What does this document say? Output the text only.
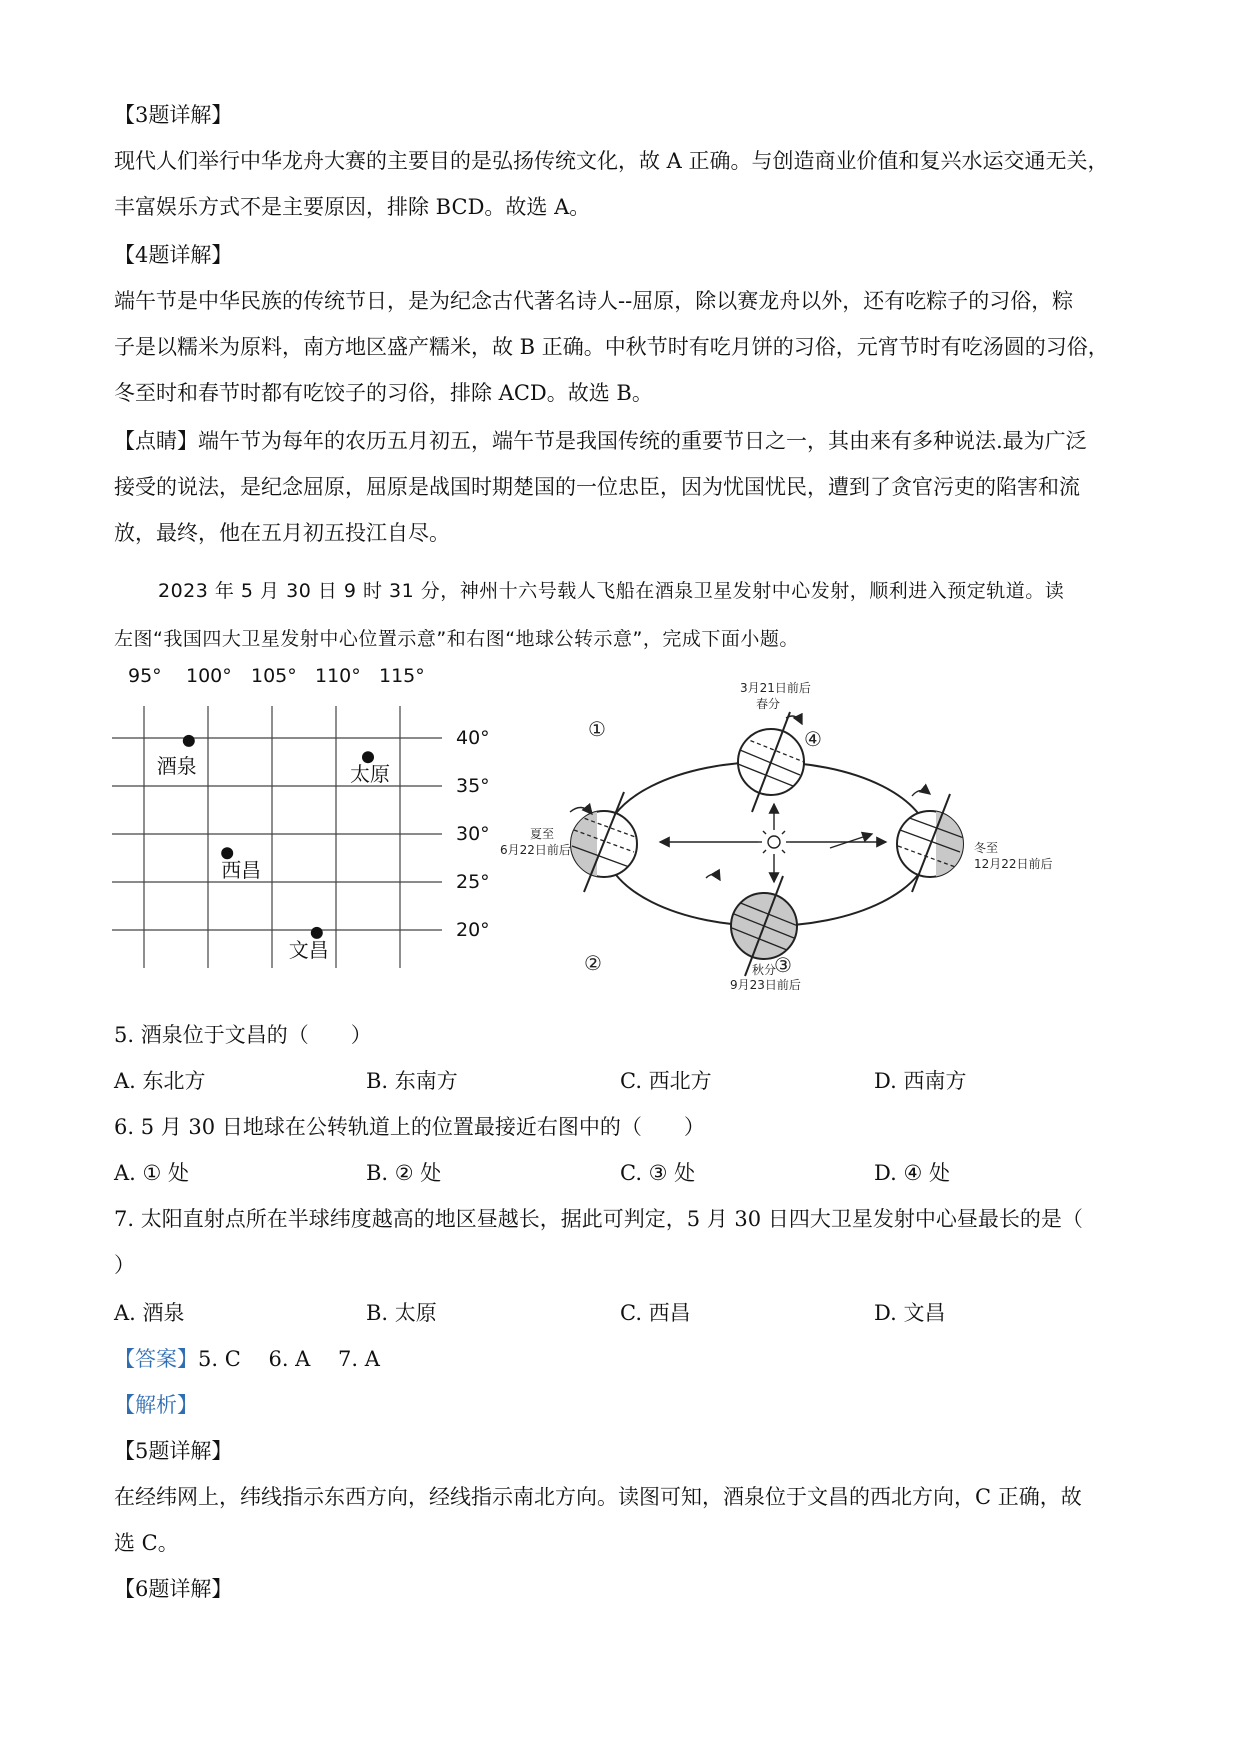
【3题详解】

现代人们举行中华龙舟大赛的主要目的是弘扬传统文化，故 A 正确。与创造商业价值和复兴水运交通无关，

丰富娱乐方式不是主要原因，排除 BCD。故选 A。

【4题详解】

端午节是中华民族的传统节日，是为纪念古代著名诗人--屈原，除以赛龙舟以外，还有吃粽子的习俗，粽

子是以糯米为原料，南方地区盛产糯米，故 B 正确。中秋节时有吃月饼的习俗，元宵节时有吃汤圆的习俗，

冬至时和春节时都有吃饺子的习俗，排除 ACD。故选 B。

【点睛】端午节为每年的农历五月初五，端午节是我国传统的重要节日之一，其由来有多种说法.最为广泛

接受的说法，是纪念屈原，屈原是战国时期楚国的一位忠臣，因为忧国忧民，遭到了贪官污吏的陷害和流

放，最终，他在五月初五投江自尽。

2023 年 5 月 30 日 9 时 31 分，神州十六号载人飞船在酒泉卫星发射中心发射，顺利进入预定轨道。读

左图“我国四大卫星发射中心位置示意”和右图“地球公转示意”，完成下面小题。

95° 100° 105° 110° 115°
40°
35°
30°
25°
20°
酒泉	太原
西昌
文昌
①
②	③
④
3月21日前后
春分
夏至
6月22日前后	冬至
12月22日前后
秋分
9月23日前后

5. 酒泉位于文昌的（　　）

A. 东北方	B. 东南方	C. 西北方	D. 西南方

6. 5 月 30 日地球在公转轨道上的位置最接近右图中的（　　）

A. ① 处	B. ② 处	C. ③ 处	D. ④ 处

7. 太阳直射点所在半球纬度越高的地区昼越长，据此可判定，5 月 30 日四大卫星发射中心昼最长的是（

）

A. 酒泉	B. 太原	C. 西昌	D. 文昌

【答案】5. C　 6. A　 7. A

【解析】

【5题详解】

在经纬网上，纬线指示东西方向，经线指示南北方向。读图可知，酒泉位于文昌的西北方向，C 正确，故

选 C。

【6题详解】
